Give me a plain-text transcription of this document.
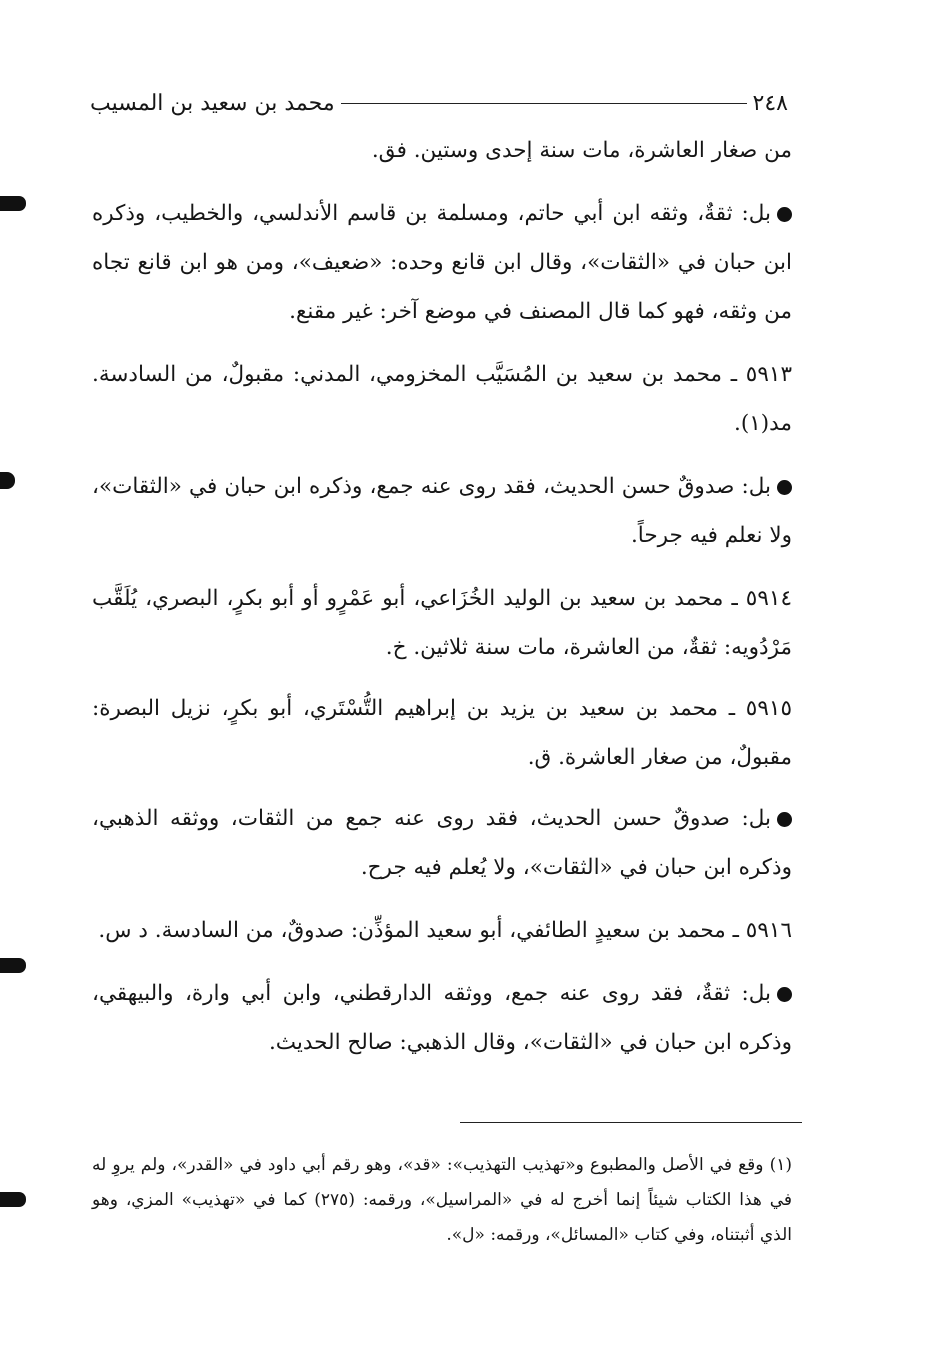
٢٤٨
محمد بن سعيد بن المسيب

من صغار العاشرة، مات سنة إحدى وستين. فق.

بل: ثقةٌ، وثقه ابن أبي حاتم، ومسلمة بن قاسم الأندلسي، والخطيب، وذكره ابن حبان في «الثقات»، وقال ابن قانع وحده: «ضعيف»، ومن هو ابن قانع تجاه من وثقه، فهو كما قال المصنف في موضع آخر: غير مقنع.

٥٩١٣ ـ محمد بن سعيد بن المُسَيَّب المخزومي، المدني: مقبولٌ، من السادسة. مد(١).

بل: صدوقٌ حسن الحديث، فقد روى عنه جمع، وذكره ابن حبان في «الثقات»، ولا نعلم فيه جرحاً.

٥٩١٤ ـ محمد بن سعيد بن الوليد الخُزَاعي، أبو عَمْرٍو أو أبو بكرٍ، البصري، يُلَقَّب مَرْدُويه: ثقةٌ، من العاشرة، مات سنة ثلاثين. خ.

٥٩١٥ ـ محمد بن سعيد بن يزيد بن إبراهيم التُّسْتَري، أبو بكرٍ، نزيل البصرة: مقبولٌ، من صغار العاشرة. ق.

بل: صدوقٌ حسن الحديث، فقد روى عنه جمع من الثقات، ووثقه الذهبي، وذكره ابن حبان في «الثقات»، ولا يُعلم فيه جرح.

٥٩١٦ ـ محمد بن سعيدٍ الطائفي، أبو سعيد المؤذِّن: صدوقٌ، من السادسة. د س.

بل: ثقةٌ، فقد روى عنه جمع، ووثقه الدارقطني، وابن أبي وارة، والبيهقي، وذكره ابن حبان في «الثقات»، وقال الذهبي: صالح الحديث.

(١) وقع في الأصل والمطبوع و«تهذيب التهذيب»: «قد»، وهو رقم أبي داود في «القدر»، ولم يروِ له في هذا الكتاب شيئاً إنما أخرج له في «المراسيل»، ورقمه: (٢٧٥) كما في «تهذيب» المزي، وهو الذي أثبتناه، وفي كتاب «المسائل»، ورقمه: «ل».
